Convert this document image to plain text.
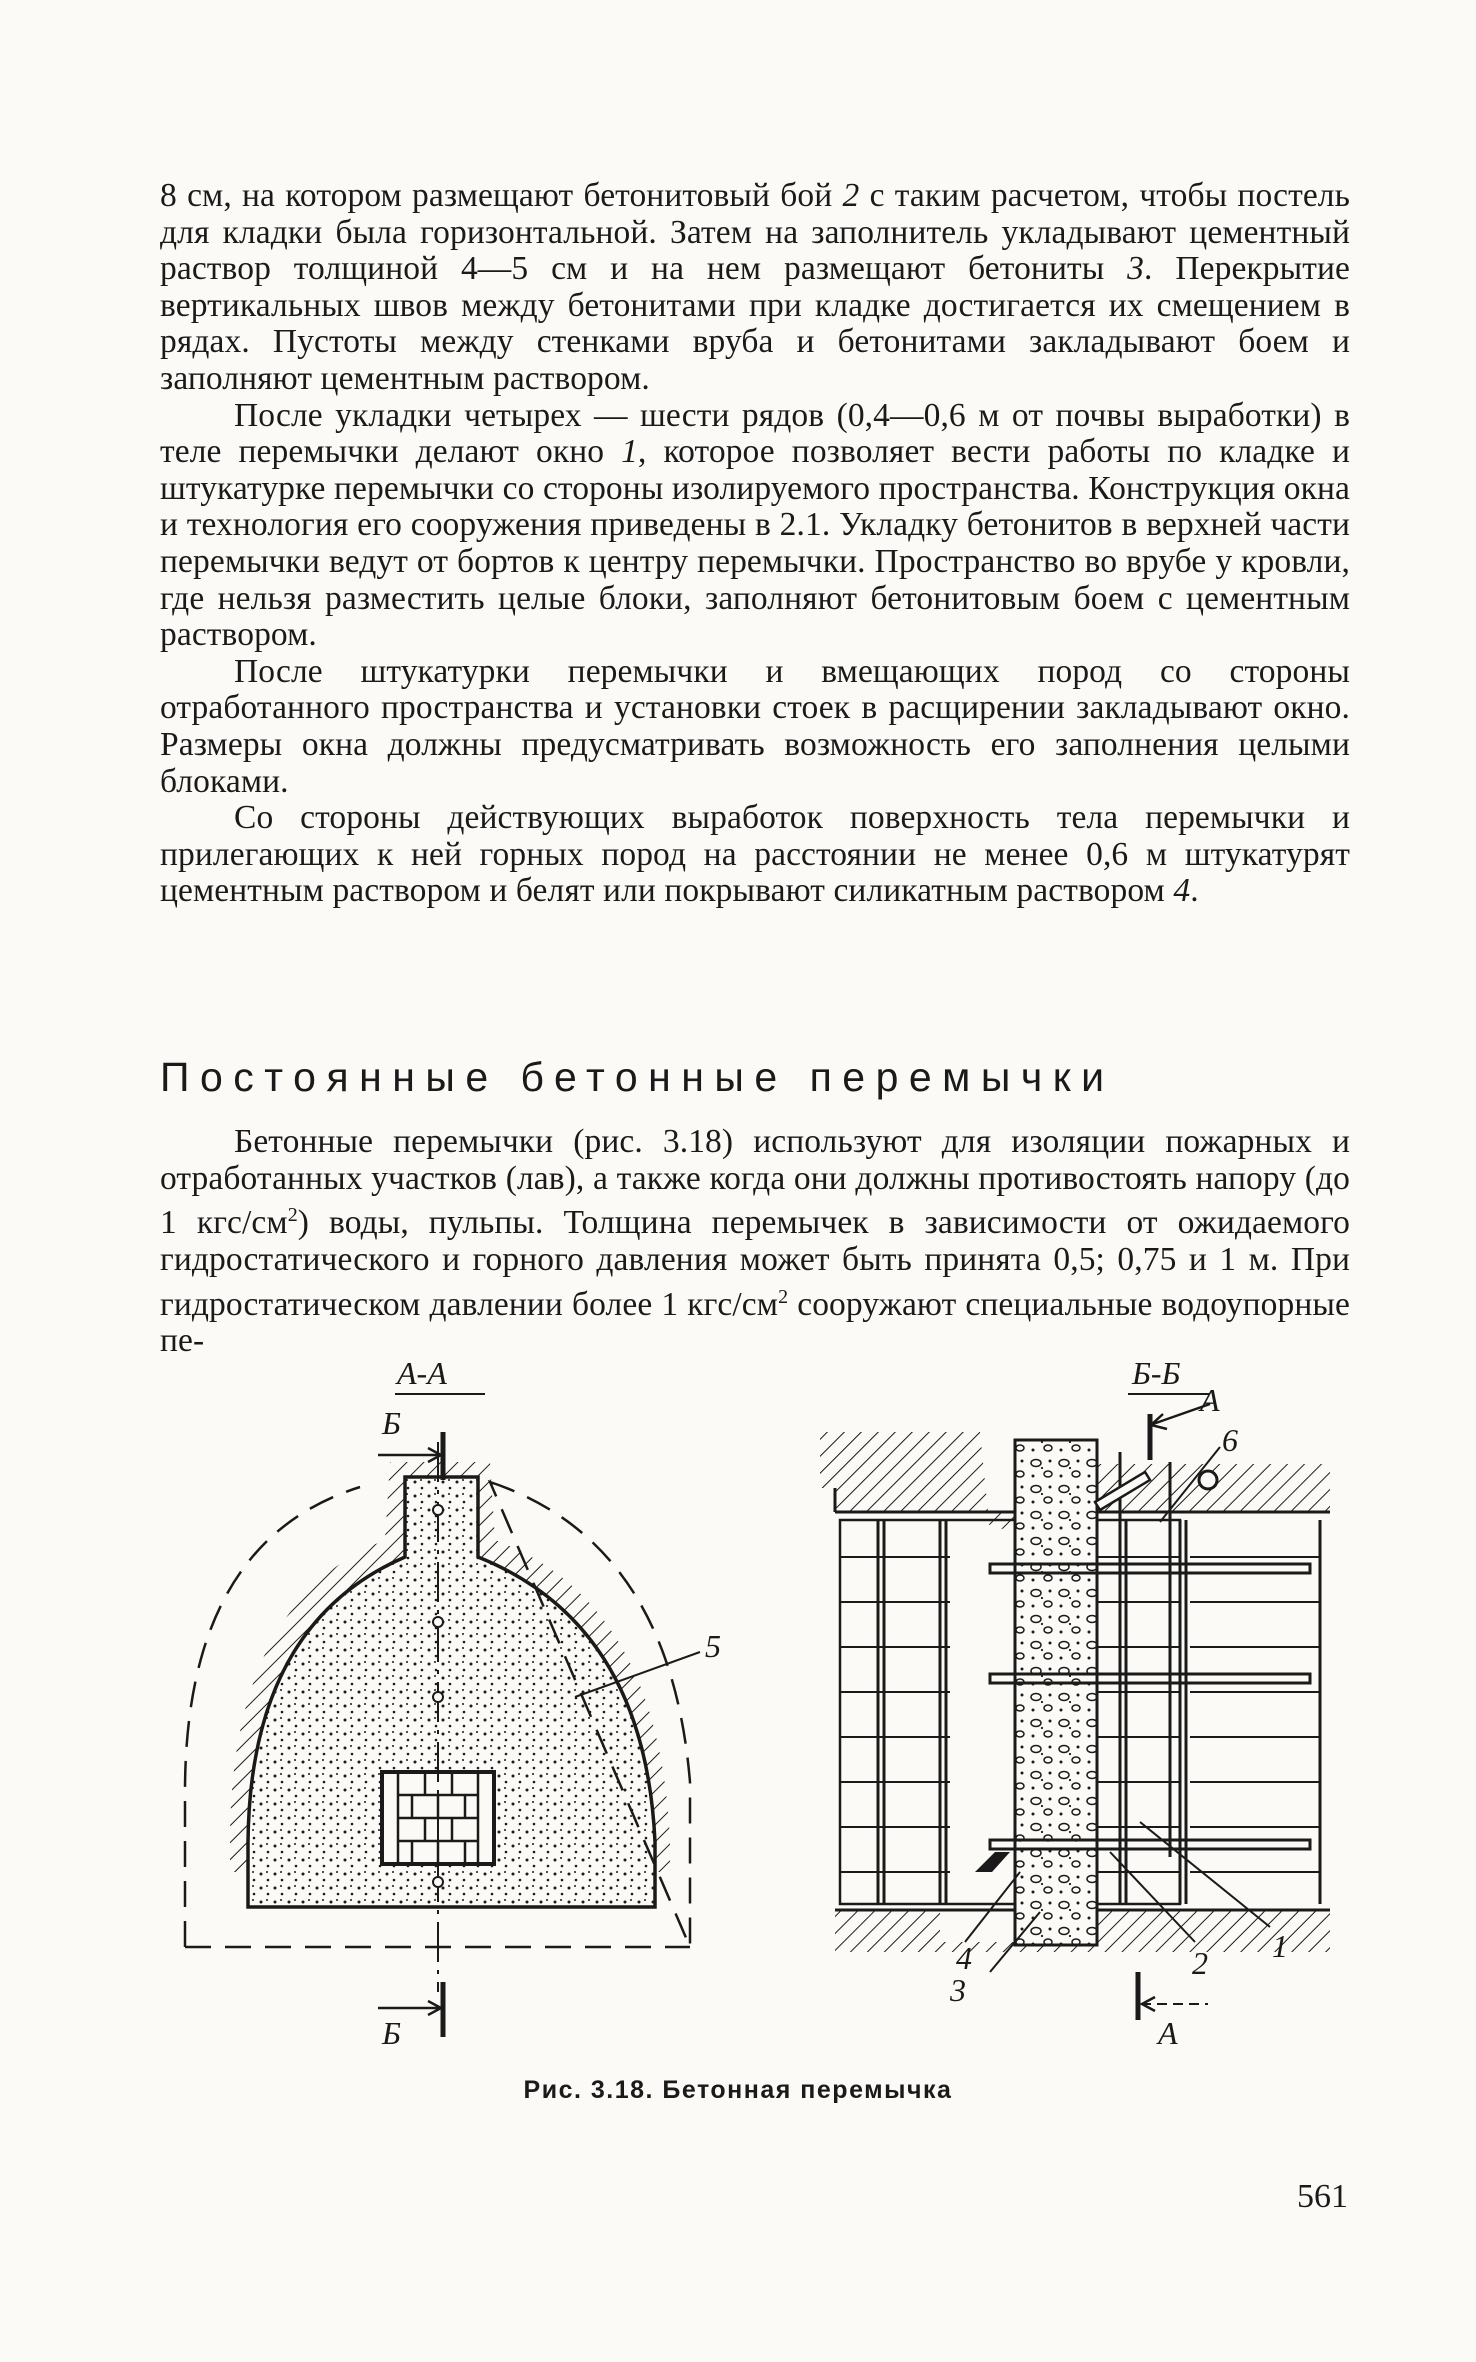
8 см, на котором размещают бетонитовый бой 2 с таким расчетом, чтобы постель для кладки была горизонтальной. Затем на заполнитель укладывают цементный раствор толщиной 4—5 см и на нем размещают бетониты 3. Перекрытие вертикальных швов между бетонитами при кладке достигается их смещением в рядах. Пустоты между стенками вруба и бетонитами закладывают боем и заполняют цементным раствором.

После укладки четырех — шести рядов (0,4—0,6 м от почвы выработки) в теле перемычки делают окно 1, которое позволяет вести работы по кладке и штукатурке перемычки со стороны изолируемого пространства. Конструкция окна и технология его сооружения приведены в 2.1. Укладку бетонитов в верхней части перемычки ведут от бортов к центру перемычки. Пространство во врубе у кровли, где нельзя разместить целые блоки, заполняют бетонитовым боем с цементным раствором.

После штукатурки перемычки и вмещающих пород со стороны отработанного пространства и установки стоек в расщирении закладывают окно. Размеры окна должны предусматривать возможность его заполнения целыми блоками.

Со стороны действующих выработок поверхность тела перемычки и прилегающих к ней горных пород на расстоянии не менее 0,6 м штукатурят цементным раствором и белят или покрывают силикатным раствором 4.

Постоянные бетонные перемычки

Бетонные перемычки (рис. 3.18) используют для изоляции пожарных и отработанных участков (лав), а также когда они должны противостоять напору (до 1 кгс/$см^2$) воды, пульпы. Толщина перемычек в зависимости от ожидаемого гидростатического и горного давления может быть принята 0,5; 0,75 и 1 м. При гидростатическом давлении более 1 кгс/$см^2$ сооружают специальные водоупорные пе-

А-А	Б-Б
Б
Б
А
А
5
6
1
2
4
3
Рис. 3.18. Бетонная перемычка
561
